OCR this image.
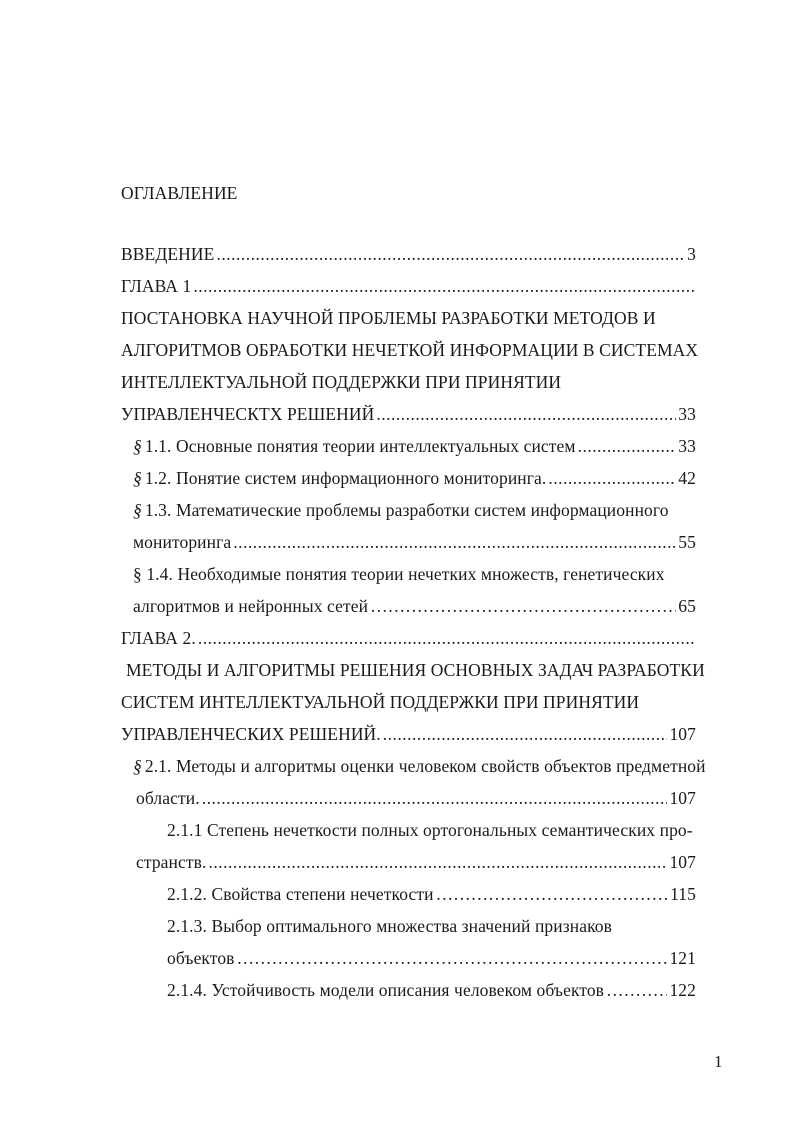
ОГЛАВЛЕНИЕ
ВВЕДЕНИЕ .....	3
ГЛАВА 1
.....
ПОСТАНОВКА НАУЧНОЙ ПРОБЛЕМЫ РАЗРАБОТКИ МЕТОДОВ И
АЛГОРИТМОВ ОБРАБОТКИ НЕЧЕТКОЙ ИНФОРМАЦИИ В СИСТЕМАХ
ИНТЕЛЛЕКТУАЛЬНОЙ ПОДДЕРЖКИ ПРИ ПРИНЯТИИ
УПРАВЛЕНЧЕСКТХ РЕШЕНИЙ .....	33
§ 1.1. Основные понятия теории интеллектуальных систем .....	33
§ 1.2. Понятие систем информационного мониторинга. .....	42
§ 1.3. Математические проблемы разработки систем информационного
мониторинга .....	55
§ 1.4. Необходимые понятия теории нечетких множеств, генетических
алгоритмов и нейронных сетей ……………………………………………………………………………………………………………………………………………………	65
ГЛАВА 2.
.....
МЕТОДЫ И АЛГОРИТМЫ РЕШЕНИЯ ОСНОВНЫХ ЗАДАЧ РАЗРАБОТКИ
СИСТЕМ ИНТЕЛЛЕКТУАЛЬНОЙ ПОДДЕРЖКИ ПРИ ПРИНЯТИИ
УПРАВЛЕНЧЕСКИХ РЕШЕНИЙ. .....	107
§ 2.1. Методы и алгоритмы оценки человеком свойств объектов предметной
области. .....	107
2.1.1 Степень нечеткости полных ортогональных семантических про-
странств. .....	107
2.1.2. Свойства степени нечеткости ……………………………………………………………………………………………………………………………………………………	115
2.1.3. Выбор оптимального множества значений признаков
объектов ……………………………………………………………………………………………………………………………………………………	121
2.1.4. Устойчивость модели описания человеком объектов ……………………………………………………………………………………………………………………………………………………	122
1
